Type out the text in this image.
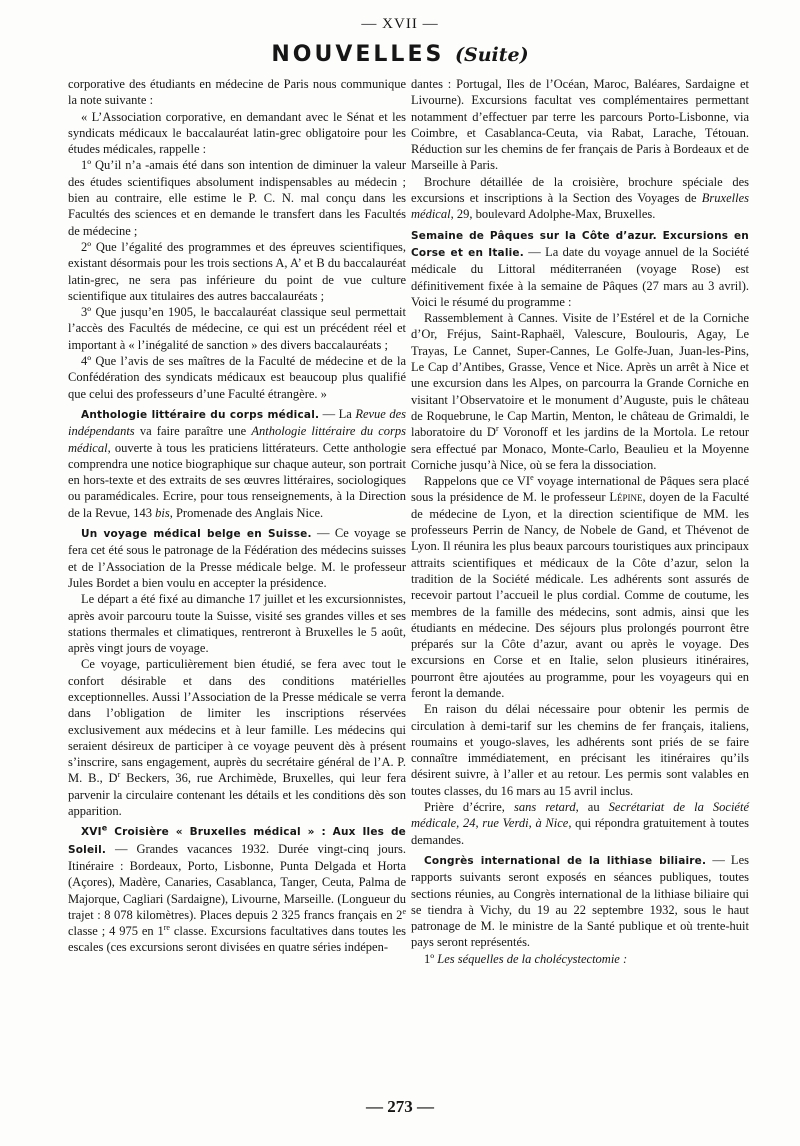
— XVII —
NOUVELLES (Suite)

corporative des étudiants en médecine de Paris nous communique la note suivante :

« L’Association corporative, en demandant avec le Sénat et les syndicats médicaux le baccalauréat latin-grec obligatoire pour les études médicales, rappelle :

1º Qu’il n’a -amais été dans son intention de diminuer la valeur des études scientifiques absolument indispensables au médecin ; bien au contraire, elle estime le P. C. N. mal conçu dans les Facultés des sciences et en demande le transfert dans les Facultés de médecine ;

2º Que l’égalité des programmes et des épreuves scientifiques, existant désormais pour les trois sections A, A’ et B du baccalauréat latin-grec, ne sera pas inférieure du point de vue culture scientifique aux titulaires des autres baccalauréats ;

3º Que jusqu’en 1905, le baccalauréat classique seul permettait l’accès des Facultés de médecine, ce qui est un précédent réel et important à « l’inégalité de sanction » des divers baccalauréats ;

4º Que l’avis de ses maîtres de la Faculté de médecine et de la Confédération des syndicats médicaux est beaucoup plus qualifié que celui des professeurs d’une Faculté étrangère. »

Anthologie littéraire du corps médical. — La Revue des indépendants va faire paraître une Anthologie littéraire du corps médical, ouverte à tous les praticiens littérateurs. Cette anthologie comprendra une notice biographique sur chaque auteur, son portrait en hors-texte et des extraits de ses œuvres littéraires, sociologiques ou paramédicales. Ecrire, pour tous renseignements, à la Direction de la Revue, 143 bis, Promenade des Anglais Nice.

Un voyage médical belge en Suisse. — Ce voyage se fera cet été sous le patronage de la Fédération des médecins suisses et de l’Association de la Presse médicale belge. M. le professeur Jules Bordet a bien voulu en accepter la présidence.

Le départ a été fixé au dimanche 17 juillet et les excursionnistes, après avoir parcouru toute la Suisse, visité ses grandes villes et ses stations thermales et climatiques, rentreront à Bruxelles le 5 août, après vingt jours de voyage.

Ce voyage, particulièrement bien étudié, se fera avec tout le confort désirable et dans des conditions matérielles exceptionnelles. Aussi l’Association de la Presse médicale se verra dans l’obligation de limiter les inscriptions réservées exclusivement aux médecins et à leur famille. Les médecins qui seraient désireux de participer à ce voyage peuvent dès à présent s’inscrire, sans engagement, auprès du secrétaire général de l’A. P. M. B., $D^r$ Beckers, 36, rue Archimède, Bruxelles, qui leur fera parvenir la circulaire contenant les détails et les conditions dès son apparition.

XVIe Croisière « Bruxelles médical » : Aux Iles de Soleil. — Grandes vacances 1932. Durée vingt-cinq jours. Itinéraire : Bordeaux, Porto, Lisbonne, Punta Delgada et Horta (Açores), Madère, Canaries, Casablanca, Tanger, Ceuta, Palma de Majorque, Cagliari (Sardaigne), Livourne, Marseille. (Longueur du trajet : 8 078 kilomètres). Places depuis 2 325 francs français en 2e classe ; 4 975 en 1re classe. Excursions facultatives dans toutes les escales (ces excursions seront divisées en quatre séries indépen-

dantes : Portugal, Iles de l’Océan, Maroc, Baléares, Sardaigne et Livourne). Excursions facultat ves complémentaires permettant notamment d’effectuer par terre les parcours Porto-Lisbonne, via Coimbre, et Casablanca-Ceuta, via Rabat, Larache, Tétouan. Réduction sur les chemins de fer français de Paris à Bordeaux et de Marseille à Paris.

Brochure détaillée de la croisière, brochure spéciale des excursions et inscriptions à la Section des Voyages de Bruxelles médical, 29, boulevard Adolphe-Max, Bruxelles.

Semaine de Pâques sur la Côte d’azur. Excursions en Corse et en Italie. — La date du voyage annuel de la Société médicale du Littoral méditerranéen (voyage Rose) est définitivement fixée à la semaine de Pâques (27 mars au 3 avril). Voici le résumé du programme :

Rassemblement à Cannes. Visite de l’Estérel et de la Corniche d’Or, Fréjus, Saint-Raphaël, Valescure, Boulouris, Agay, Le Trayas, Le Cannet, Super-Cannes, Le Golfe-Juan, Juan-les-Pins, Le Cap d’Antibes, Grasse, Vence et Nice. Après un arrêt à Nice et une excursion dans les Alpes, on parcourra la Grande Corniche en visitant l’Observatoire et le monument d’Auguste, puis le château de Roquebrune, le Cap Martin, Menton, le château de Grimaldi, le laboratoire du $D^r$ Voronoff et les jardins de la Mortola. Le retour sera effectué par Monaco, Monte-Carlo, Beaulieu et la Moyenne Corniche jusqu’à Nice, où se fera la dissociation.

Rappelons que ce VIe voyage international de Pâques sera placé sous la présidence de M. le professeur Lépine, doyen de la Faculté de médecine de Lyon, et la direction scientifique de MM. les professeurs Perrin de Nancy, de Nobele de Gand, et Thévenot de Lyon. Il réunira les plus beaux parcours touristiques aux principaux attraits scientifiques et médicaux de la Côte d’azur, selon la tradition de la Société médicale. Les adhérents sont assurés de recevoir partout l’accueil le plus cordial. Comme de coutume, les membres de la famille des médecins, sont admis, ainsi que les étudiants en médecine. Des séjours plus prolongés pourront être préparés sur la Côte d’azur, avant ou après le voyage. Des excursions en Corse et en Italie, selon plusieurs itinéraires, pourront être ajoutées au programme, pour les voyageurs qui en feront la demande.

En raison du délai nécessaire pour obtenir les permis de circulation à demi-tarif sur les chemins de fer français, italiens, roumains et yougo-slaves, les adhérents sont priés de se faire connaître immédiatement, en précisant les itinéraires qu’ils désirent suivre, à l’aller et au retour. Les permis sont valables en toutes classes, du 16 mars au 15 avril inclus.

Prière d’écrire, sans retard, au Secrétariat de la Société médicale, 24, rue Verdi, à Nice, qui répondra gratuitement à toutes demandes.

Congrès international de la lithiase biliaire. — Les rapports suivants seront exposés en séances publiques, toutes sections réunies, au Congrès international de la lithiase biliaire qui se tiendra à Vichy, du 19 au 22 septembre 1932, sous le haut patronage de M. le ministre de la Santé publique et où trente-huit pays seront représentés.

1º Les séquelles de la cholécystectomie :

— 273 —
